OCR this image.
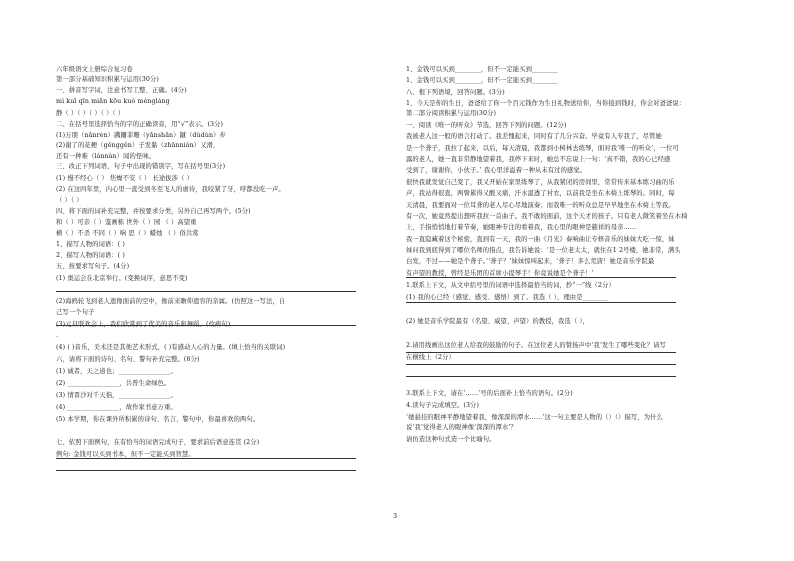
六年级语文上册综合复习卷
第一部分基础知识积累与运用(30分)
一、拼音写字词，注意书写工整、正确。(4分)
mì kuī qīn miǎn kōu kuò méngláng
静（ ）（ ）（ ）（ ）（ ）
二、在括号里选择恰当的字的正确读音，用“√”表示。(3分)
(1)万朋（nǎnrèn）蹒跚菲珊（yǎnshān）蹴（dùdùn）步
(2)谢了的花梗（gěnggěn）子发黏（zhānnián）又滑，
还有一种难（lánnàn）闻的怪味。
三、改正下列词语，句子中出现的错别字，写在括号里(3分)
(1) 慢不经心（ ） 焦燥不安（ ） 长途拔涉（ ）
(2) 在这四年里，内心里一直受到冬至飞人的虐待，我咬紧了牙，呼都没吃一声。
（ ）（ ）
四、将下面的词补充完整，并按要求分类，另外自己再写两个。(5分)
和（ ）可亲（ ）鉴画栋 世外（ ）园 （ ）高望重
横（ ）不杀 不同（ ）响 思（ ）蜡烛 （ ）俗共赏
1、描写人物的词语：( )
2、描写人物的词语：( )
五、按要求写句子。(4分)
(1) 奥运会在北京举行。(变换词序，意思不变)
(2)海鸥轮飞到老人遗像面前的空中，像前来瞻仰遗容的亲属。(仿照这一写法，自
己写一个句子
(3)元旦联欢会上，我们欣赏到了优美的音乐和舞蹈。(改病句)
.
(4) ( )音乐，美术还是其他艺术形式，( )有感动人心的力量。(填上恰当的关联词)
六、请将下面的诗句、名句、警句补充完整。(6分)
(1) 诚者，天之道也；________________。
(2) ________________，共普生命绿色。
(3) 情晋沙对千天指，________________。
(4) ________________，故作家书意万重。
(5) 本学期，你在课外所积累的诗句、名言、警句中，你最喜欢的两句。
七、依照下面例句，在有恰当的词语完成句子，要求前后语意连贯 (2分)
例句: 金钱可以买到书本，但不一定能买到智慧。
1、金钱可以买到________，但不一定能买到________
1、金钱可以买到________，但不一定能买到________
八、根下列语境，回答问题。(3分)
1、今天是你的生日，爸爸给了你一个百元钱作为生日礼物送给你，当你接到钱时，你会对爸爸说：
第二部分阅读积累与运用(30分)
一、阅读《唯一的听众》节选，回答下列的问题。(12分)
我被老人这一般的语言打动了。我差愧起来，同时有了几分兴奋。毕竟有人专我了，尽管她
是一个聋子，我拉了起来，以后，每天清晨，我都到小树林去练琴，面对我‘唯一的听众’，一位可
露的老人，她一直非常静地望着我，我停下来时，她总不忘说上一句：‘真不错，我的心已经感
受到了，谢谢你，小伙子。’ 我心里洋溢着一种从未有过的感觉。
很快我就发觉自己变了，我又开始在家里练琴了，从我紧闭的房间里，常常传来基本练习曲的乐
声，我站得很直，两臂累得又酸又痛，汗水湿透了衬衣，以前我是坐在木椅上练琴的。同时，每
天清晨，我要面对一位耳聋的老人尽心尽地演奏；而我唯一的听众总是早早地坐在木椅上等我。
有一次，她竟然提出想听我拉一首曲子。我不敢的面前，这个天才的孩子。只有老人微笑着坐在木椅
上，手指悄悄地打着节奏，她眼神专注的看着我，我心里的眼神是慈祥的母亲……
我一直隐藏着这个秘密，直到有一天，我的一曲《月光》奏响曲让专修音乐的妹妹大吃一惊，妹
妹问我到底得到了哪位名师的指点，我告诉她说：‘是一位老太太，就住在1 2号楼，她非常，满头
白发，不过——她是个聋子。’‘聋子？’妹妹惊叫起来，‘聋子！多么荒唐！她是音乐学院最
有声望的教授，曾经是乐团的首席小提琴手！你竟说她是个聋子！’
1.联系上下文，从文中括号里的词语中选择最恰当的词，抄“一”线（2分）
(1) 我的心已经（感觉、感受、感悟）到了。我选（ ），理由是________
(2) 她是音乐学院最有（名望、威望、声望）的教授，我选（ ），
2.请用线画出这位老人给我的鼓励的句子。在这位老人的赞扬声中‘我’发生了哪些变化？请写
在横线上（2分）
3.联系上下文，请在‘……’号的后面补上恰当的语句。(2分)
4.读句子完成填空。(3分)
‘她悬挂的眼神平静地望着我，像深深的潭水……’这一句主要是人物的（）（）描写，为什么
说‘我’觉得老人的眼神像‘深深的潭水’？
请仿造这种句式造一个比喻句。
3
